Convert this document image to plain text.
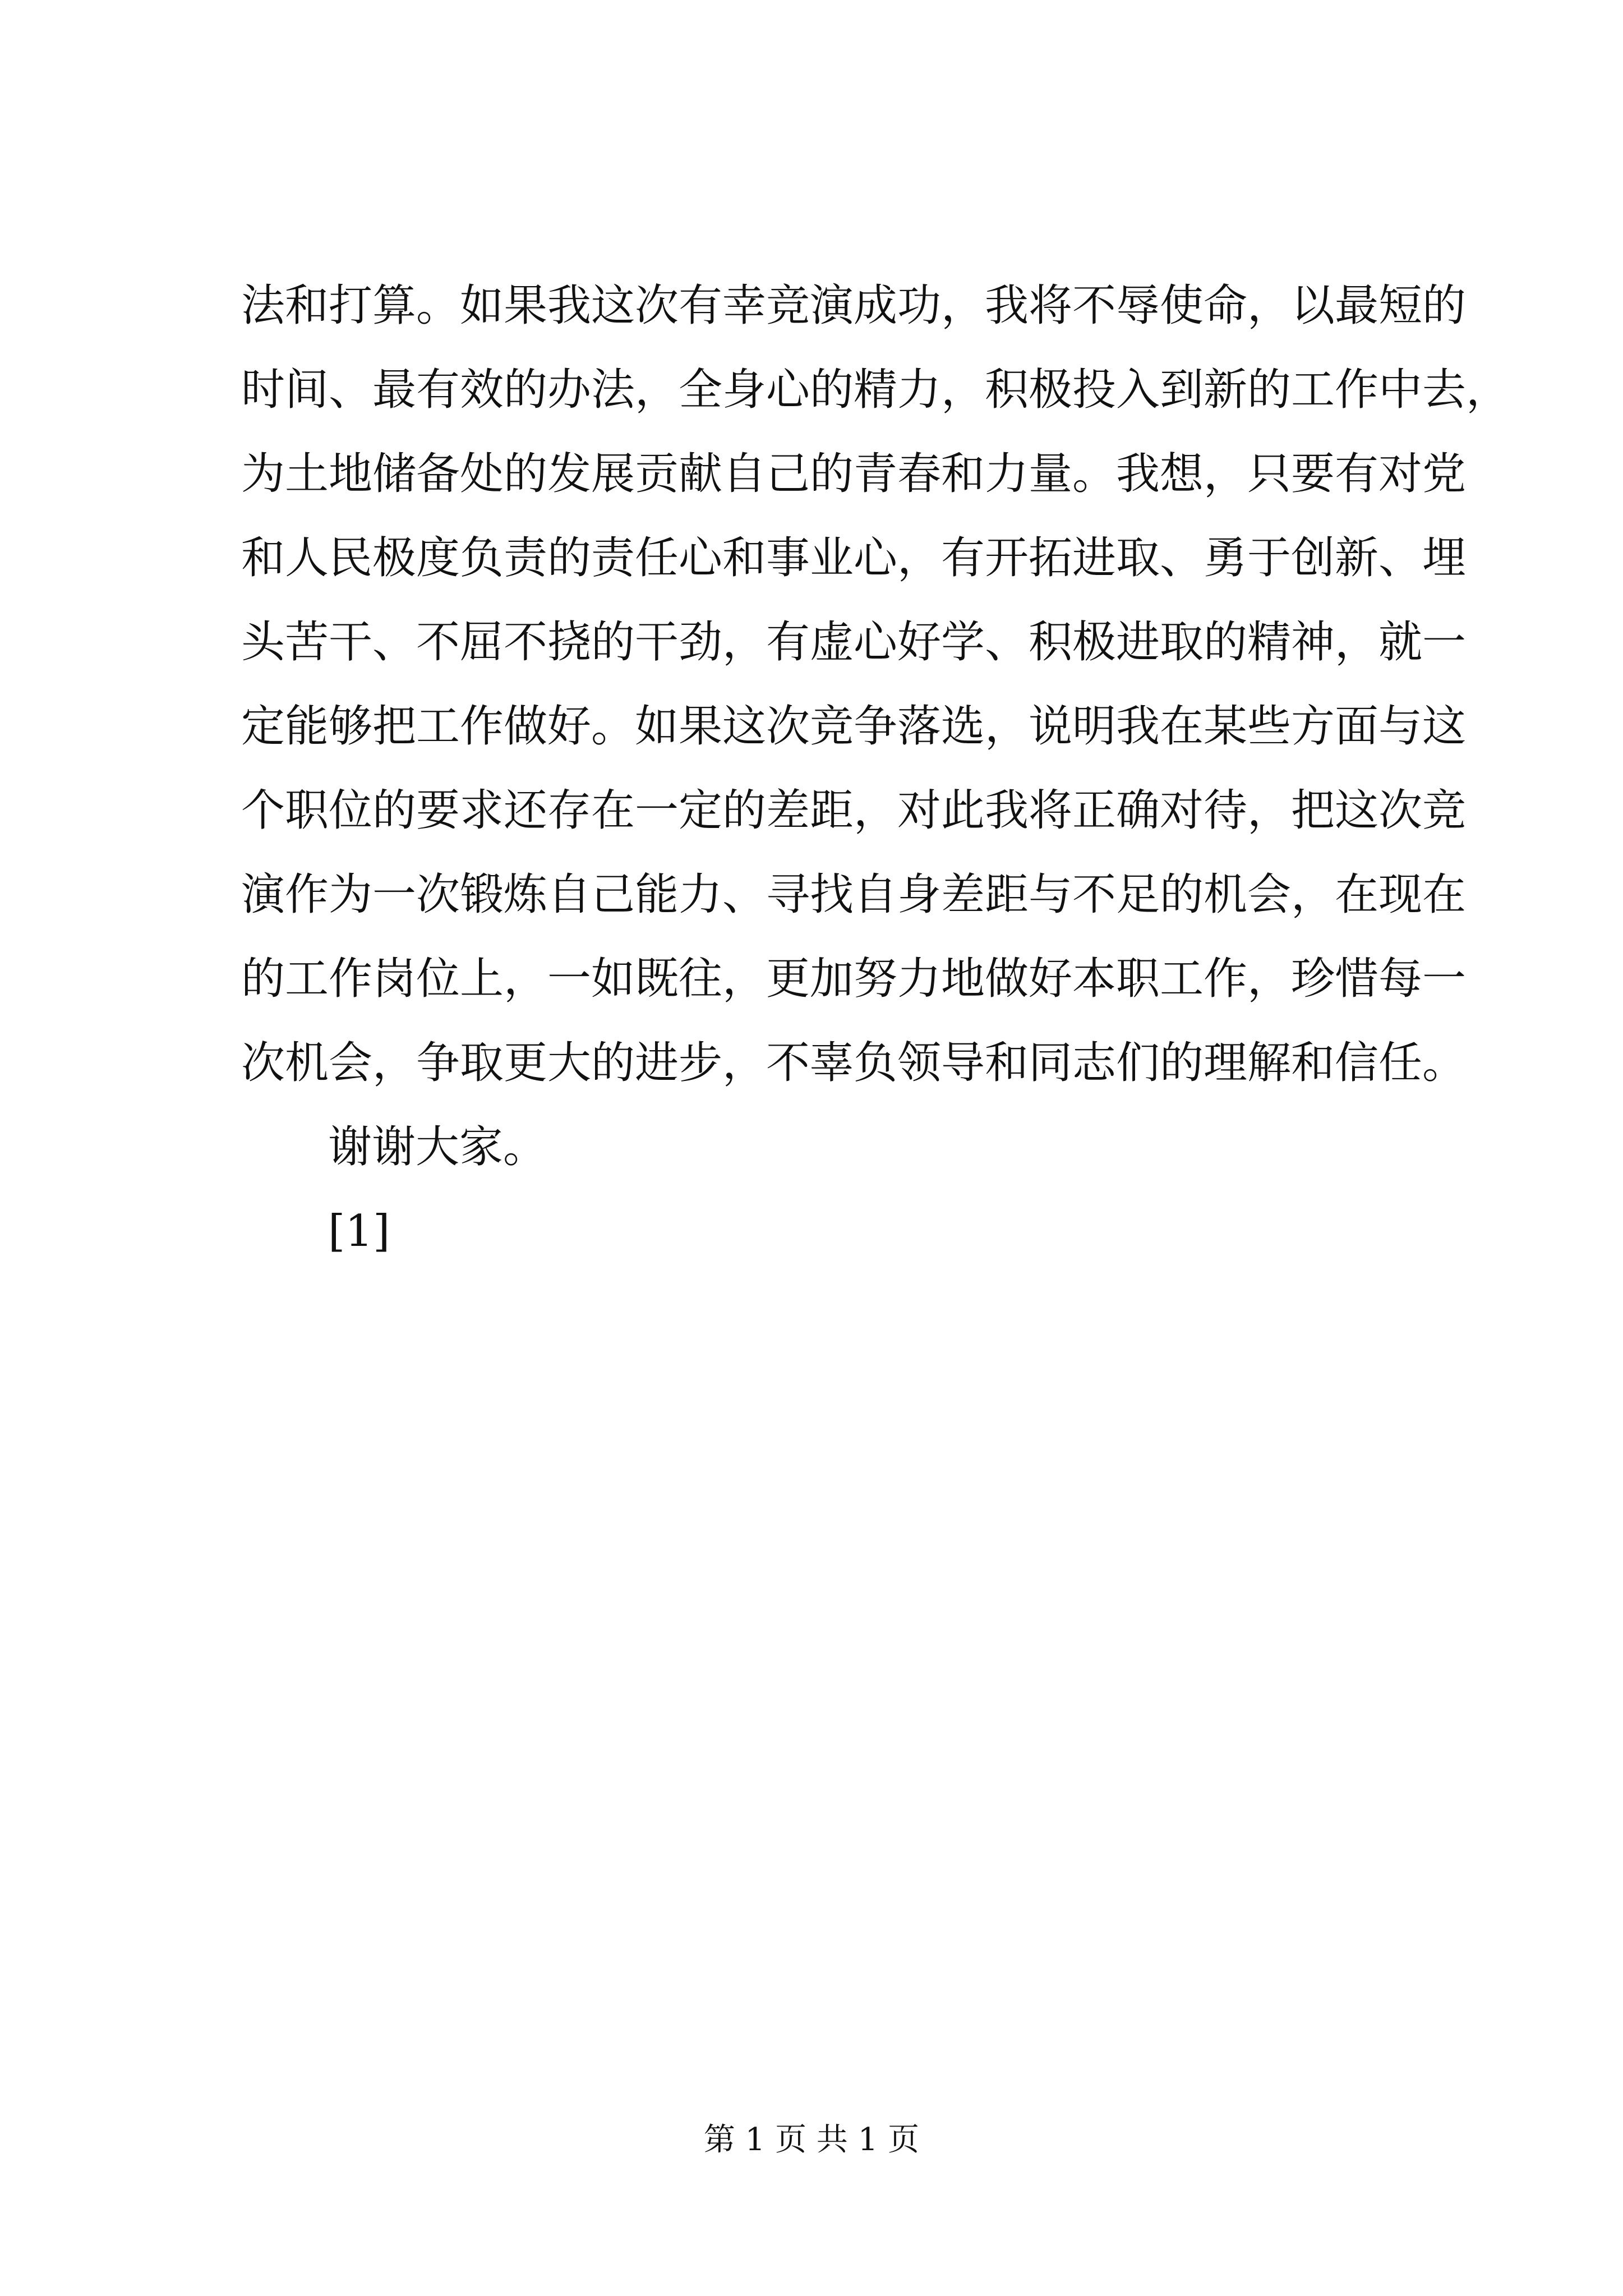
法和打算。如果我这次有幸竞演成功，我将不辱使命，以最短的
时间、最有效的办法，全身心的精力，积极投入到新的工作中去，
为土地储备处的发展贡献自己的青春和力量。我想，只要有对党
和人民极度负责的责任心和事业心，有开拓进取、勇于创新、埋
头苦干、不屈不挠的干劲，有虚心好学、积极进取的精神，就一
定能够把工作做好。如果这次竞争落选，说明我在某些方面与这
个职位的要求还存在一定的差距，对此我将正确对待，把这次竞
演作为一次锻炼自己能力、寻找自身差距与不足的机会，在现在
的工作岗位上，一如既往，更加努力地做好本职工作，珍惜每一
次机会，争取更大的进步，不辜负领导和同志们的理解和信任。
谢谢大家。
[1]
第 1 页 共 1 页
